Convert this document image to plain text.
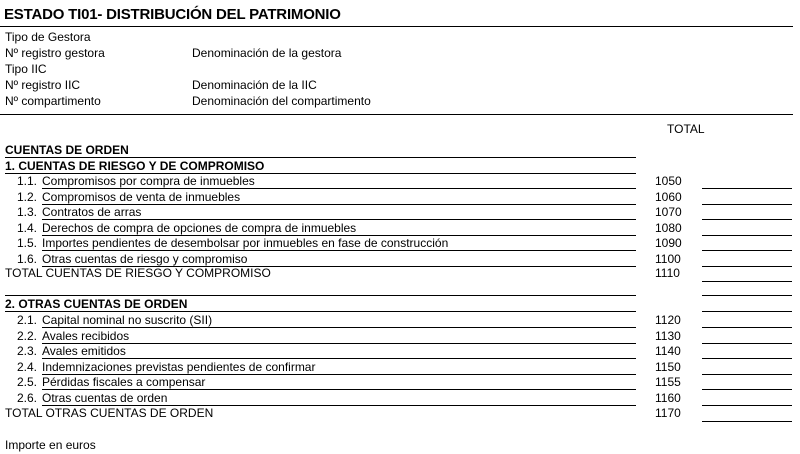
ESTADO TI01- DISTRIBUCIÓN DEL PATRIMONIO
Tipo de Gestora
Nº registro gestora	Denominación de la gestora
Tipo IIC
Nº registro IIC	Denominación de la IIC
Nº compartimento	Denominación del compartimento
TOTAL
CUENTAS DE ORDEN
1. CUENTAS DE RIESGO Y DE COMPROMISO
1.1. Compromisos por compra de inmuebles	1050
1.2. Compromisos de venta de inmuebles	1060
1.3. Contratos de arras	1070
1.4. Derechos de compra de opciones de compra de inmuebles	1080
1.5. Importes pendientes de desembolsar por inmuebles en fase de construcción	1090
1.6. Otras cuentas de riesgo y compromiso	1100
TOTAL CUENTAS DE RIESGO Y COMPROMISO	1110
2. OTRAS CUENTAS DE ORDEN
2.1. Capital nominal no suscrito (SII)	1120
2.2. Avales recibidos	1130
2.3. Avales emitidos	1140
2.4. Indemnizaciones previstas pendientes de confirmar	1150
2.5. Pérdidas fiscales a compensar	1155
2.6. Otras cuentas de orden	1160
TOTAL OTRAS CUENTAS DE ORDEN	1170
Importe en euros
